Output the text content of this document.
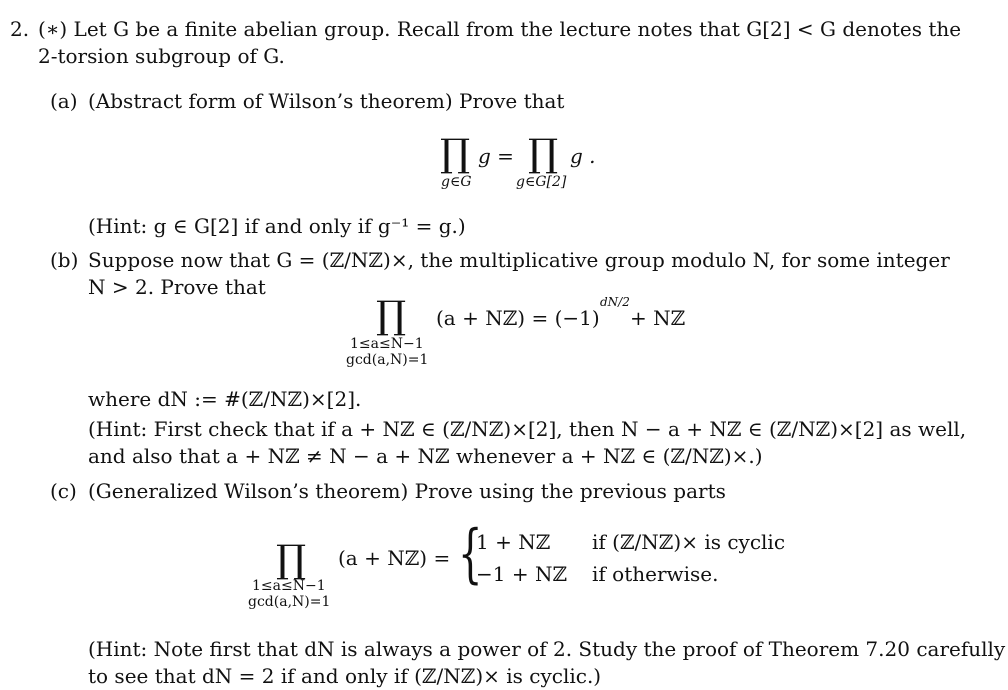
2. (∗) Let G be a finite abelian group. Recall from the lecture notes that G[2] < G denotes the
2-torsion subgroup of G.
(a) (Abstract form of Wilson’s theorem) Prove that
∏ g = ∏ g .
g∈G	g∈G[2]
(Hint: g ∈ G[2] if and only if g⁻¹ = g.)
(b) Suppose now that G = (ℤ/Nℤ)×, the multiplicative group modulo N, for some integer
N > 2. Prove that
∏ (a + Nℤ) = (−1)
dN/2
+ Nℤ
1≤a≤N−1
gcd(a,N)=1
where dN := #(ℤ/Nℤ)×[2].
(Hint: First check that if a + Nℤ ∈ (ℤ/Nℤ)×[2], then N − a + Nℤ ∈ (ℤ/Nℤ)×[2] as well,
and also that a + Nℤ ≠ N − a + Nℤ whenever a + Nℤ ∈ (ℤ/Nℤ)×.)
(c) (Generalized Wilson’s theorem) Prove using the previous parts
∏ (a + Nℤ) = {
1 + Nℤ if (ℤ/Nℤ)× is cyclic
−1 + Nℤ if otherwise.
1≤a≤N−1
gcd(a,N)=1
(Hint: Note first that dN is always a power of 2. Study the proof of Theorem 7.20 carefully
to see that dN = 2 if and only if (ℤ/Nℤ)× is cyclic.)
